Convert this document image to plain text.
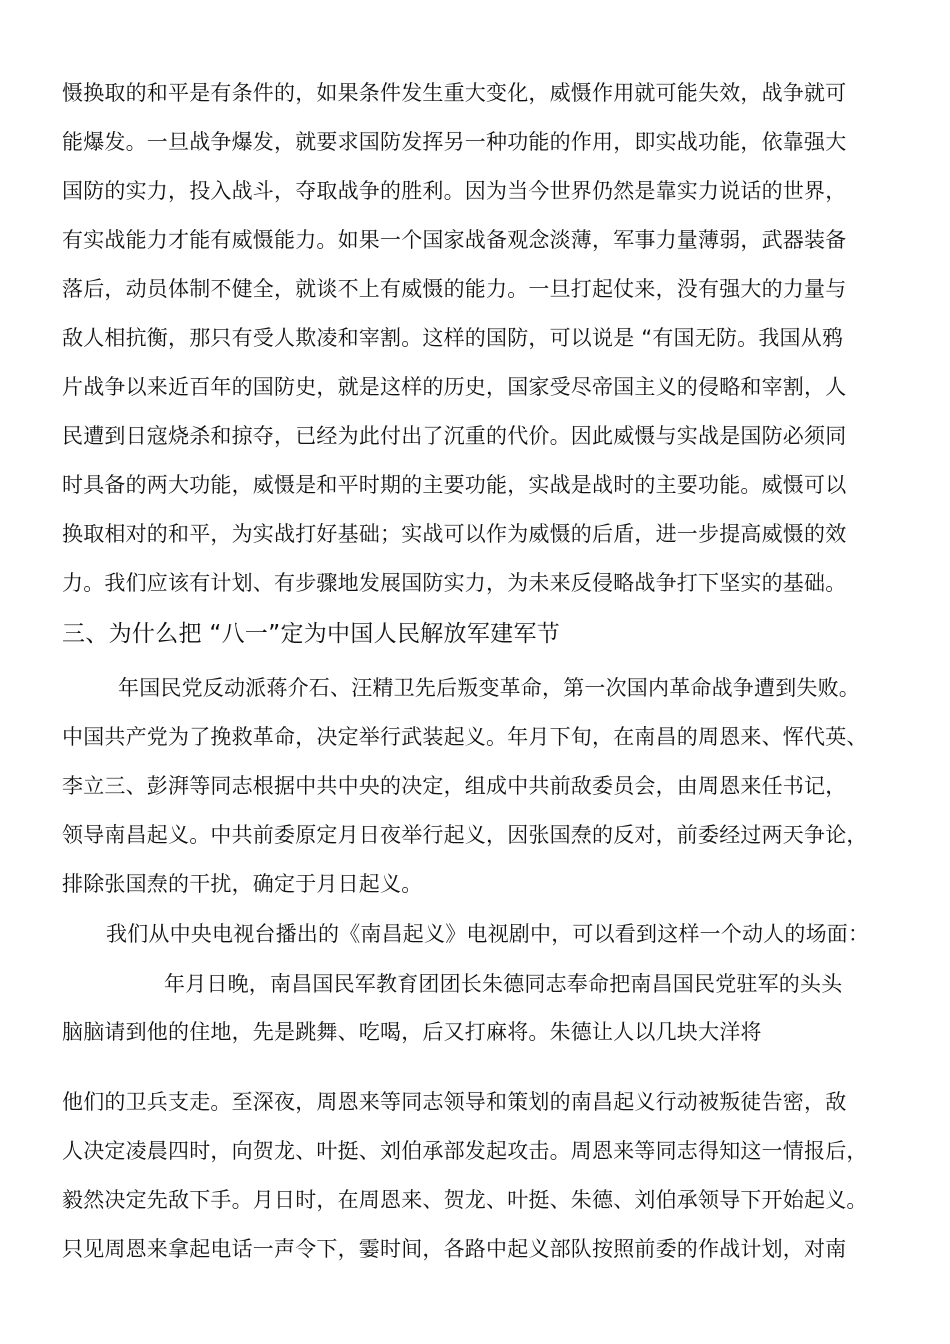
慑换取的和平是有条件的，如果条件发生重大变化，威慑作用就可能失效，战争就可
能爆发。一旦战争爆发，就要求国防发挥另一种功能的作用，即实战功能，依靠强大
国防的实力，投入战斗，夺取战争的胜利。因为当今世界仍然是靠实力说话的世界，
有实战能力才能有威慑能力。如果一个国家战备观念淡薄，军事力量薄弱，武器装备
落后，动员体制不健全，就谈不上有威慑的能力。一旦打起仗来，没有强大的力量与
敌人相抗衡，那只有受人欺凌和宰割。这样的国防，可以说是 “有国无防。我国从鸦
片战争以来近百年的国防史，就是这样的历史，国家受尽帝国主义的侵略和宰割，人
民遭到日寇烧杀和掠夺，已经为此付出了沉重的代价。因此威慑与实战是国防必须同
时具备的两大功能，威慑是和平时期的主要功能，实战是战时的主要功能。威慑可以
换取相对的和平，为实战打好基础；实战可以作为威慑的后盾，进一步提高威慑的效
力。我们应该有计划、有步骤地发展国防实力，为未来反侵略战争打下坚实的基础。
三、为什么把 “八一”定为中国人民解放军建军节
年国民党反动派蒋介石、汪精卫先后叛变革命，第一次国内革命战争遭到失败。
中国共产党为了挽救革命，决定举行武装起义。年月下旬，在南昌的周恩来、恽代英、
李立三、彭湃等同志根据中共中央的决定，组成中共前敌委员会，由周恩来任书记，
领导南昌起义。中共前委原定月日夜举行起义，因张国焘的反对，前委经过两天争论，
排除张国焘的干扰，确定于月日起义。
我们从中央电视台播出的《南昌起义》电视剧中，可以看到这样一个动人的场面：
年月日晚，南昌国民军教育团团长朱德同志奉命把南昌国民党驻军的头头
脑脑请到他的住地，先是跳舞、吃喝，后又打麻将。朱德让人以几块大洋将
他们的卫兵支走。至深夜，周恩来等同志领导和策划的南昌起义行动被叛徒告密，敌
人决定凌晨四时，向贺龙、叶挺、刘伯承部发起攻击。周恩来等同志得知这一情报后，
毅然决定先敌下手。月日时，在周恩来、贺龙、叶挺、朱德、刘伯承领导下开始起义。
只见周恩来拿起电话一声令下，霎时间，各路中起义部队按照前委的作战计划，对南
